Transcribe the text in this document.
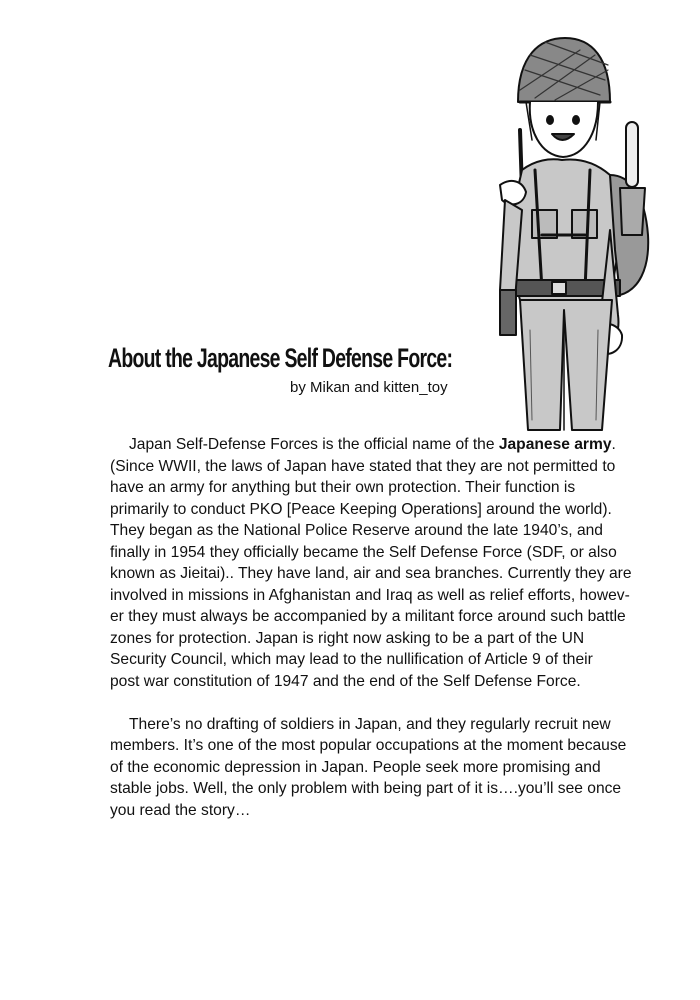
About the Japanese Self Defense Force:
by Mikan and kitten_toy

Japan Self-Defense Forces is the official name of the Japanese army.
(Since WWII, the laws of Japan have stated that they are not permitted to
have an army for anything but their own protection. Their function is
primarily to conduct PKO [Peace Keeping Operations] around the world).
They began as the National Police Reserve around the late 1940’s, and
finally in 1954 they officially became the Self Defense Force (SDF, or also
known as Jieitai).. They have land, air and sea branches. Currently they are
involved in missions in Afghanistan and Iraq as well as relief efforts, howev-
er they must always be accompanied by a militant force around such battle
zones for protection. Japan is right now asking to be a part of the UN
Security Council, which may lead to the nullification of Article 9 of their
post war constitution of 1947 and the end of the Self Defense Force.

There’s no drafting of soldiers in Japan, and they regularly recruit new
members. It’s one of the most popular occupations at the moment because
of the economic depression in Japan. People seek more promising and
stable jobs. Well, the only problem with being part of it is….you’ll see once
you read the story…
